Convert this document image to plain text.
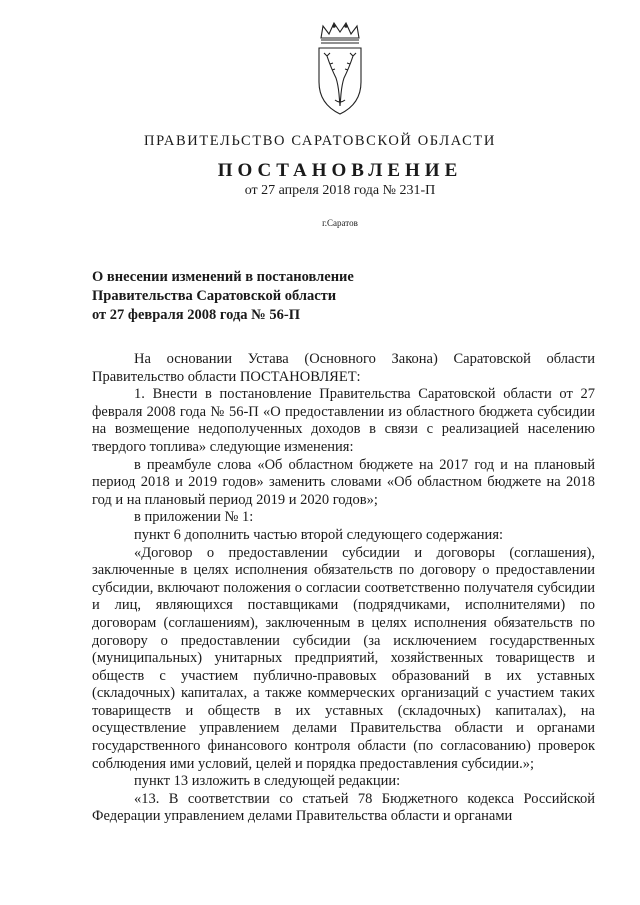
ПРАВИТЕЛЬСТВО САРАТОВСКОЙ ОБЛАСТИ
ПОСТАНОВЛЕНИЕ
от 27 апреля 2018 года № 231-П
г.Саратов
О внесении изменений в постановление
Правительства Саратовской области
от 27 февраля 2008 года № 56-П

На основании Устава (Основного Закона) Саратовской области Правительство области ПОСТАНОВЛЯЕТ:

1. Внести в постановление Правительства Саратовской области от 27 февраля 2008 года № 56-П «О предоставлении из областного бюджета субсидии на возмещение недополученных доходов в связи с реализацией населению твердого топлива» следующие изменения:

в преамбуле слова «Об областном бюджете на 2017 год и на плановый период 2018 и 2019 годов» заменить словами «Об областном бюджете на 2018 год и на плановый период 2019 и 2020 годов»;

в приложении № 1:

пункт 6 дополнить частью второй следующего содержания:

«Договор о предоставлении субсидии и договоры (соглашения), заключенные в целях исполнения обязательств по договору о предоставлении субсидии, включают положения о согласии соответственно получателя субсидии и лиц, являющихся поставщиками (подрядчиками, исполнителями) по договорам (соглашениям), заключенным в целях исполнения обязательств по договору о предоставлении субсидии (за исключением государственных (муниципальных) унитарных предприятий, хозяйственных товариществ и обществ с участием публично-правовых образований в их уставных (складочных) капиталах, а также коммерческих организаций с участием таких товариществ и обществ в их уставных (складочных) капиталах), на осуществление управлением делами Правительства области и органами государственного финансового контроля области (по согласованию) проверок соблюдения ими условий, целей и порядка предоставления субсидии.»;

пункт 13 изложить в следующей редакции:

«13. В соответствии со статьей 78 Бюджетного кодекса Российской Федерации управлением делами Правительства области и органами
